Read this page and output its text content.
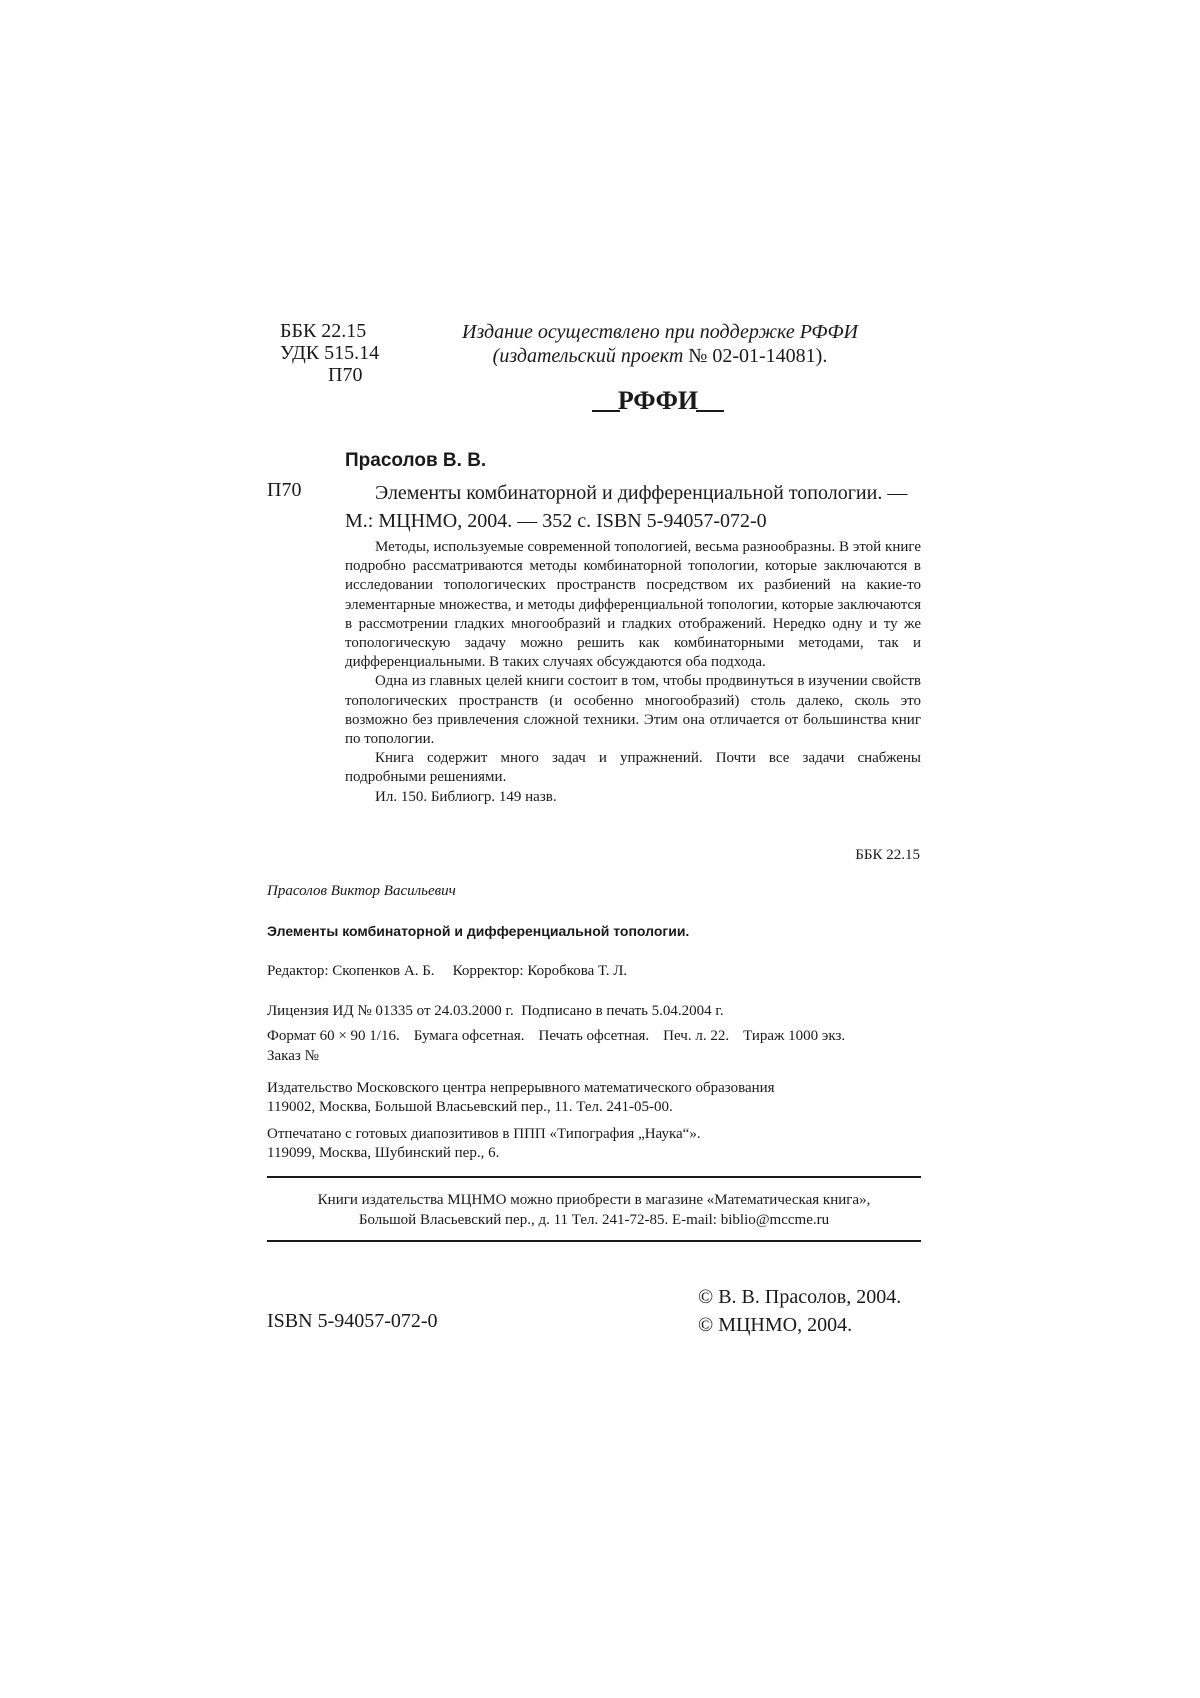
ББК 22.15
УДК 515.14
П70
Издание осуществлено при поддержке РФФИ
(издательский проект № 02-01-14081).
РФФИ
Прасолов В. В.
П70	Элементы комбинаторной и дифференциальной топологии. —
М.: МЦНМО, 2004. — 352 с. ISBN 5-94057-072-0

Методы, используемые современной топологией, весьма разнообразны. В этой книге подробно рассматриваются методы комбинаторной топологии, которые заключаются в исследовании топологических пространств посредством их разбиений на какие-то элементарные множества, и методы дифференциальной топологии, которые заключаются в рассмотрении гладких многообразий и гладких отображений. Нередко одну и ту же топологическую задачу можно решить как комбинаторными методами, так и дифференциальными. В таких случаях обсуждаются оба подхода.

Одна из главных целей книги состоит в том, чтобы продвинуться в изучении свойств топологических пространств (и особенно многообразий) столь далеко, сколь это возможно без привлечения сложной техники. Этим она отличается от большинства книг по топологии.

Книга содержит много задач и упражнений. Почти все задачи снабжены подробными решениями.

Ил. 150. Библиогр. 149 назв.

ББК 22.15
Прасолов Виктор Васильевич
Элементы комбинаторной и дифференциальной топологии.
Редактор: Скопенков А. Б. Корректор: Коробкова Т. Л.
Лицензия ИД № 01335 от 24.03.2000 г. Подписано в печать 5.04.2004 г.
Формат 60 × 90 1/16. Бумага офсетная. Печать офсетная. Печ. л. 22. Тираж 1000 экз.
Заказ №
Издательство Московского центра непрерывного математического образования
119002, Москва, Большой Власьевский пер., 11. Тел. 241-05-00.
Отпечатано с готовых диапозитивов в ППП «Типография „Наука“».
119099, Москва, Шубинский пер., 6.
Книги издательства МЦНМО можно приобрести в магазине «Математическая книга»,
Большой Власьевский пер., д. 11 Тел. 241-72-85. E-mail: biblio@mccme.ru
ISBN 5-94057-072-0
© В. В. Прасолов, 2004.
© МЦНМО, 2004.
